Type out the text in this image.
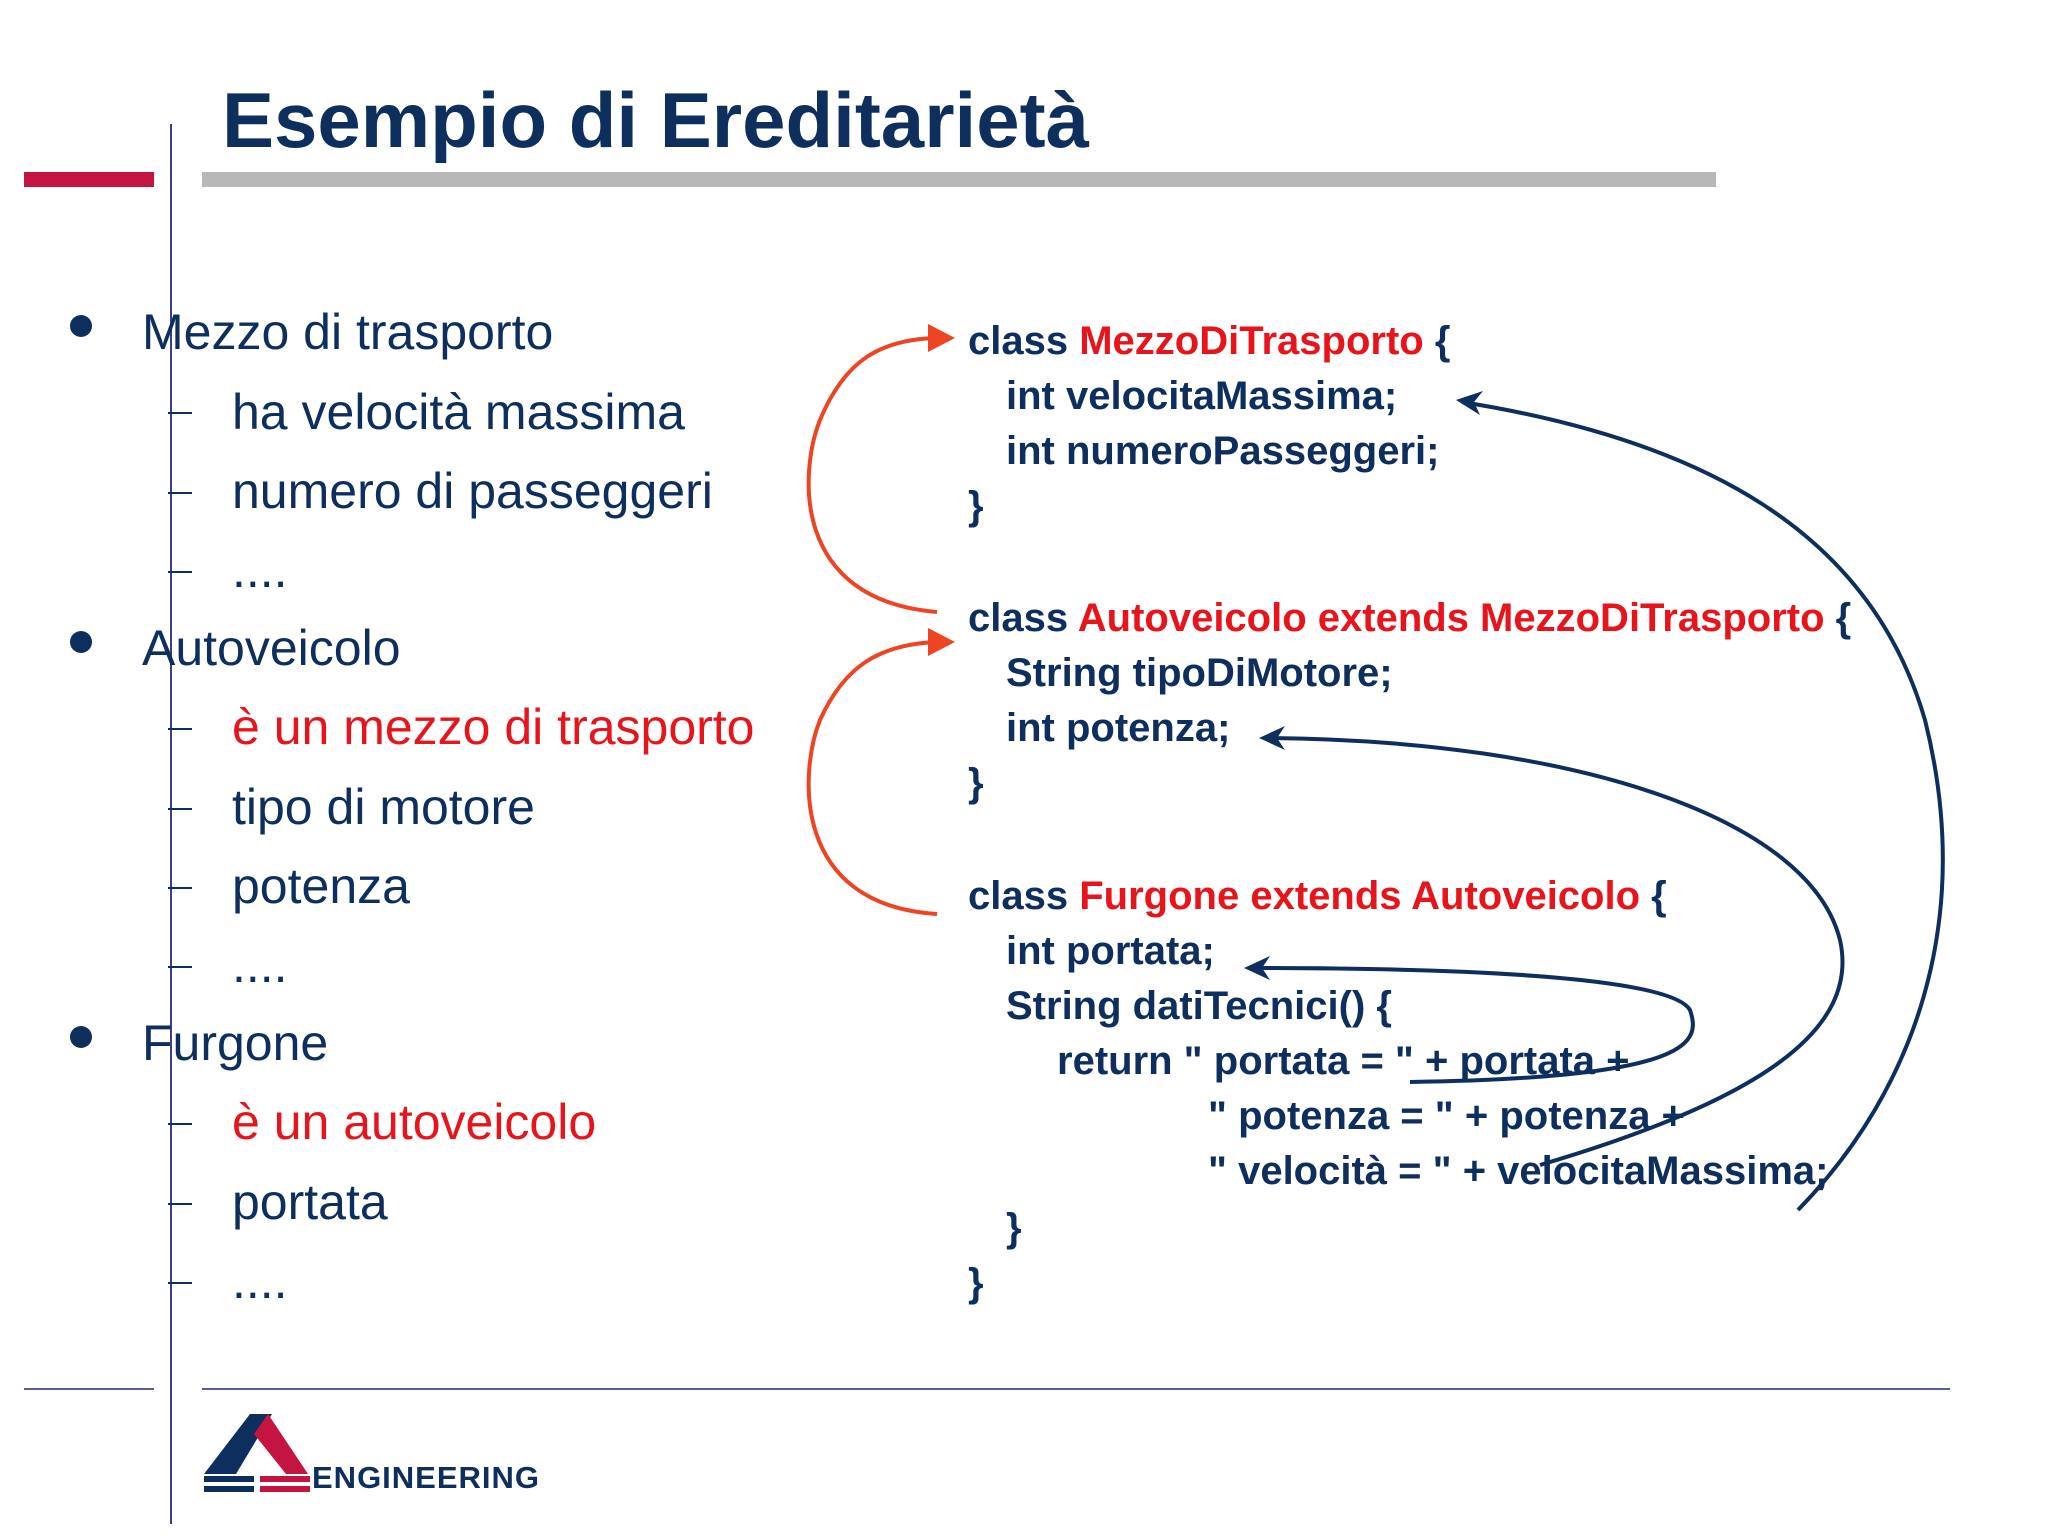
Esempio di Ereditarietà
Mezzo di trasporto
ha velocità massima
numero di passeggeri
....
Autoveicolo
è un mezzo di trasporto
tipo di motore
potenza
....
Furgone
è un autoveicolo
portata
....
class MezzoDiTrasporto {
int velocitaMassima;
int numeroPasseggeri;
}
class Autoveicolo extends MezzoDiTrasporto {
String tipoDiMotore;
int potenza;
}
class Furgone extends Autoveicolo {
int portata;
String datiTecnici() {
return " portata = " + portata +
" potenza = " + potenza +
" velocità = " + velocitaMassima;
}
}
ENGINEERING
